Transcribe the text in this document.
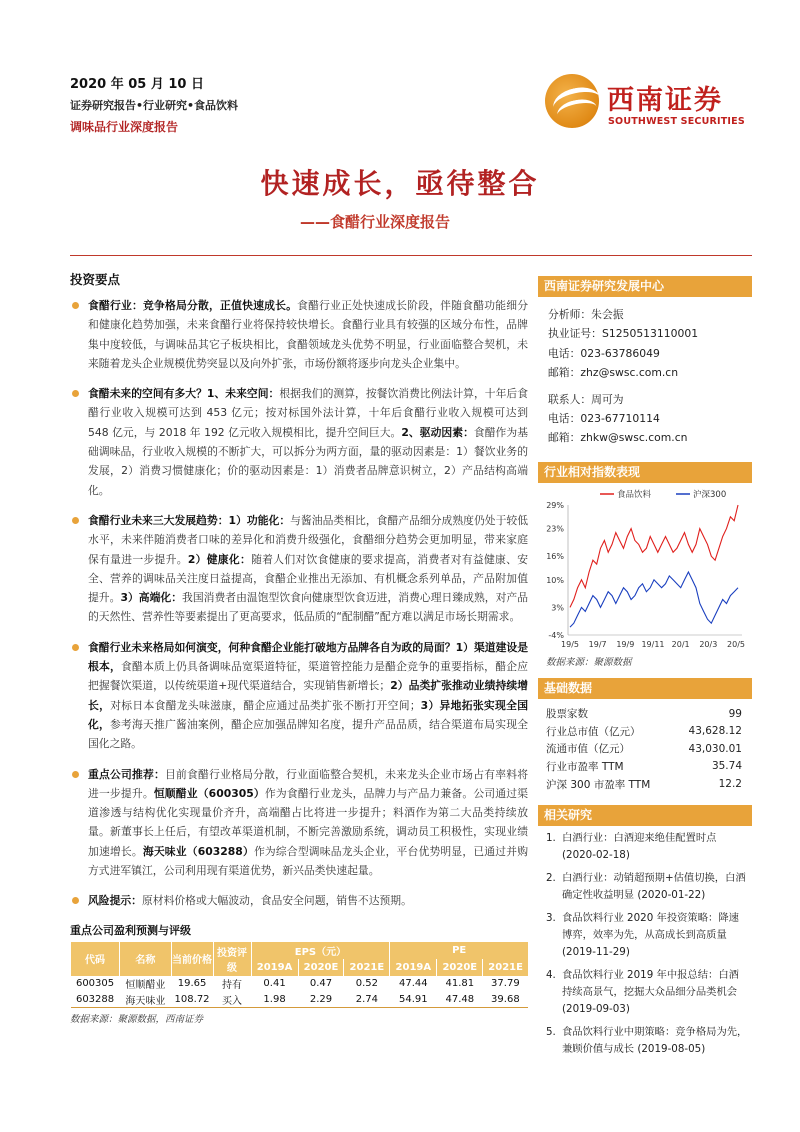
2020 年 05 月 10 日
证券研究报告•行业研究•食品饮料
调味品行业深度报告
西南证券
SOUTHWEST SECURITIES
快速成长，亟待整合
——食醋行业深度报告
投资要点
食醋行业：竞争格局分散，正值快速成长。食醋行业正处快速成长阶段，伴随食醋功能细分和健康化趋势加强，未来食醋行业将保持较快增长。食醋行业具有较强的区域分布性，品牌集中度较低，与调味品其它子板块相比，食醋领域龙头优势不明显，行业面临整合契机，未来随着龙头企业规模优势突显以及向外扩张，市场份额将逐步向龙头企业集中。
食醋未来的空间有多大？1、未来空间：根据我们的测算，按餐饮消费比例法计算，十年后食醋行业收入规模可达到 453 亿元；按对标国外法计算，十年后食醋行业收入规模可达到 548 亿元，与 2018 年 192 亿元收入规模相比，提升空间巨大。2、驱动因素：食醋作为基础调味品，行业收入规模的不断扩大，可以拆分为两方面，量的驱动因素是：1）餐饮业务的发展，2）消费习惯健康化；价的驱动因素是：1）消费者品牌意识树立，2）产品结构高端化。
食醋行业未来三大发展趋势：1）功能化：与酱油品类相比，食醋产品细分成熟度仍处于较低水平，未来伴随消费者口味的差异化和消费升级强化，食醋细分趋势会更加明显，带来家庭保有量进一步提升。2）健康化：随着人们对饮食健康的要求提高，消费者对有益健康、安全、营养的调味品关注度日益提高，食醋企业推出无添加、有机概念系列单品，产品附加值提升。3）高端化：我国消费者由温饱型饮食向健康型饮食迈进，消费心理日臻成熟，对产品的天然性、营养性等要素提出了更高要求，低品质的“配制醋”配方难以满足市场长期需求。
食醋行业未来格局如何演变，何种食醋企业能打破地方品牌各自为政的局面？1）渠道建设是根本，食醋本质上仍具备调味品宽渠道特征，渠道管控能力是醋企竞争的重要指标，醋企应把握餐饮渠道，以传统渠道+现代渠道结合，实现销售新增长；2）品类扩张推动业绩持续增长，对标日本食醋龙头味滋康，醋企应通过品类扩张不断打开空间；3）异地拓张实现全国化，参考海天推广酱油案例，醋企应加强品牌知名度，提升产品品质，结合渠道布局实现全国化之路。
重点公司推荐：目前食醋行业格局分散，行业面临整合契机，未来龙头企业市场占有率料将进一步提升。恒顺醋业（600305）作为食醋行业龙头，品牌力与产品力兼备。公司通过渠道渗透与结构优化实现量价齐升，高端醋占比将进一步提升；料酒作为第二大品类持续放量。新董事长上任后，有望改革渠道机制，不断完善激励系统，调动员工积极性，实现业绩加速增长。海天味业（603288）作为综合型调味品龙头企业，平台优势明显，已通过并购方式进军镇江，公司利用现有渠道优势，新兴品类快速起量。
风险提示：原材料价格或大幅波动，食品安全问题，销售不达预期。
重点公司盈利预测与评级
代码	名称	当前价格	投资评级	EPS（元）			PE		
				2019A	2020E	2021E	2019A	2020E	2021E
600305	恒顺醋业	19.65	持有	0.41	0.47	0.52	47.44	41.81	37.79
603288	海天味业	108.72	买入	1.98	2.29	2.74	54.91	47.48	39.68
数据来源：聚源数据，西南证券
西南证券研究发展中心
分析师：朱会振
执业证号：S1250513110001
电话：023-63786049
邮箱：zhz@swsc.com.cn
联系人：周可为
电话：023-67710114
邮箱：zhkw@swsc.com.cn
行业相对指数表现
29%
23%
16%
10%
3%
-4%
19/5 19/7 19/9 19/11 20/1 20/3 20/5
食品饮料	沪深300
数据来源：聚源数据
基础数据
股票家数	99
行业总市值（亿元）	43,628.12
流通市值（亿元）	43,030.01
行业市盈率 TTM	35.74
沪深 300 市盈率 TTM	12.2
相关研究
1. 白酒行业：白酒迎来绝佳配置时点 (2020-02-18)
2. 白酒行业：动销超预期+估值切换，白酒确定性收益明显 (2020-01-22)
3. 食品饮料行业 2020 年投资策略：降速博弈，效率为先，从高成长到高质量 (2019-11-29)
4. 食品饮料行业 2019 年中报总结：白酒持续高景气，挖掘大众品细分品类机会 (2019-09-03)
5. 食品饮料行业中期策略：竞争格局为先，兼顾价值与成长 (2019-08-05)
